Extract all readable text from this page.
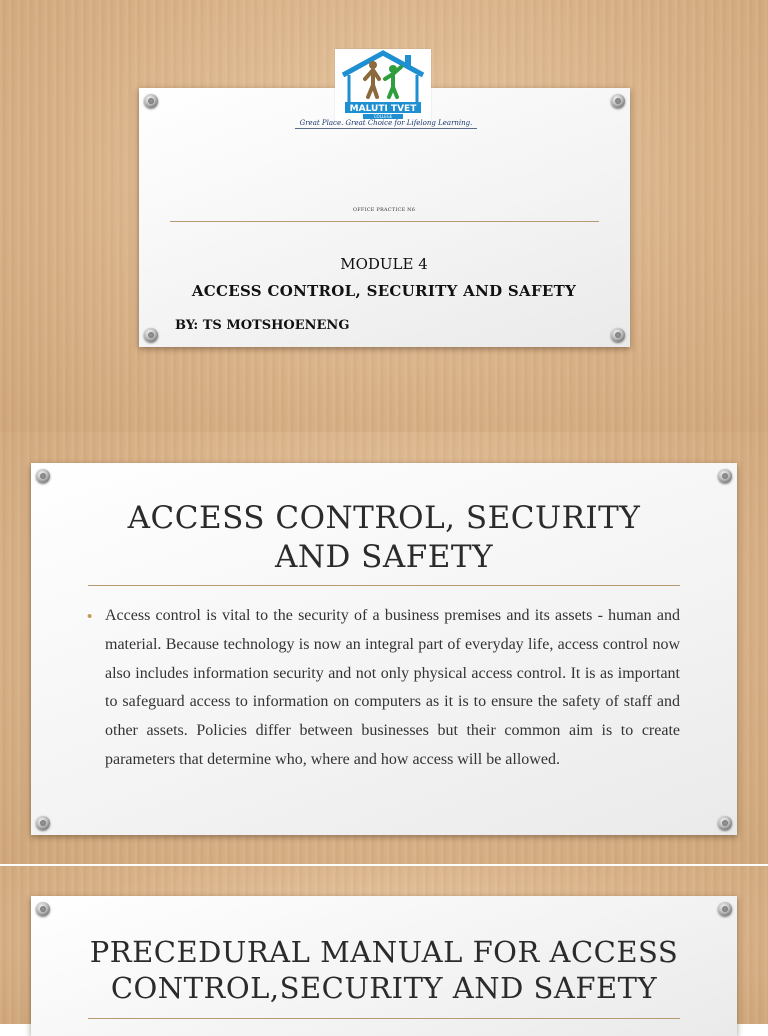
MALUTI TVET
COLLEGE
Great Place. Great Choice for Lifelong Learning.
OFFICE PRACTICE N6
MODULE 4
ACCESS CONTROL, SECURITY AND SAFETY
BY: TS MOTSHOENENG
ACCESS CONTROL, SECURITY
AND SAFETY
• Access control is vital to the security of a business premises and its assets - human and material. Because technology is now an integral part of everyday life, access control now also includes information security and not only physical access control. It is as important to safeguard access to information on computers as it is to ensure the safety of staff and other assets. Policies differ between businesses but their common aim is to create parameters that determine who, where and how access will be allowed.
PRECEDURAL MANUAL FOR ACCESS
CONTROL,SECURITY AND SAFETY
